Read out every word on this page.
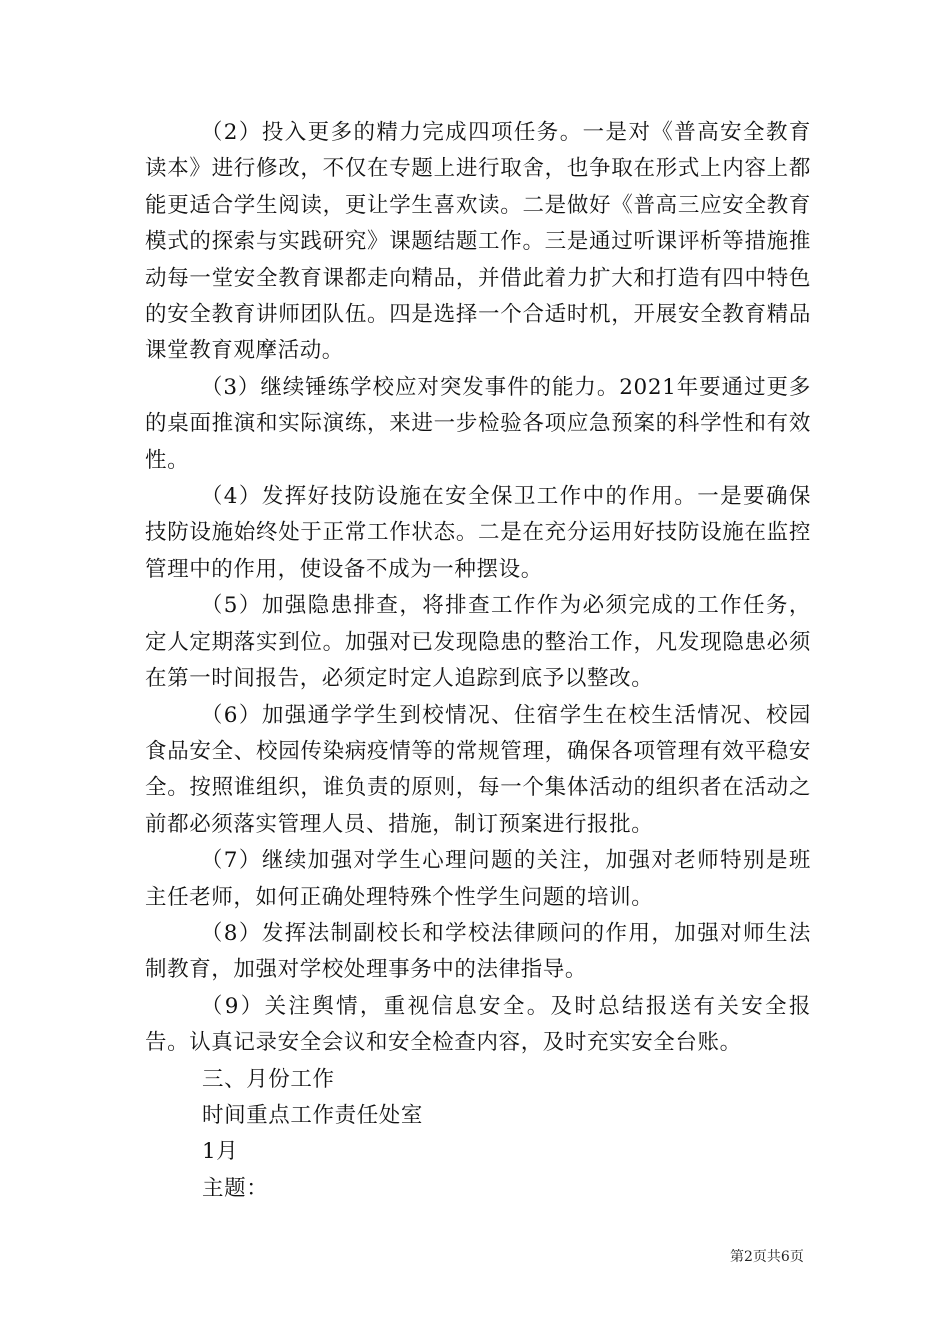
（2）投入更多的精力完成四项任务。一是对《普高安全教育读本》进行修改，不仅在专题上进行取舍，也争取在形式上内容上都能更适合学生阅读，更让学生喜欢读。二是做好《普高三应安全教育模式的探索与实践研究》课题结题工作。三是通过听课评析等措施推动每一堂安全教育课都走向精品，并借此着力扩大和打造有四中特色的安全教育讲师团队伍。四是选择一个合适时机，开展安全教育精品课堂教育观摩活动。

（3）继续锤练学校应对突发事件的能力。2021年要通过更多的桌面推演和实际演练，来进一步检验各项应急预案的科学性和有效性。

（4）发挥好技防设施在安全保卫工作中的作用。一是要确保技防设施始终处于正常工作状态。二是在充分运用好技防设施在监控管理中的作用，使设备不成为一种摆设。

（5）加强隐患排查，将排查工作作为必须完成的工作任务，定人定期落实到位。加强对已发现隐患的整治工作，凡发现隐患必须在第一时间报告，必须定时定人追踪到底予以整改。

（6）加强通学学生到校情况、住宿学生在校生活情况、校园食品安全、校园传染病疫情等的常规管理，确保各项管理有效平稳安全。按照谁组织，谁负责的原则，每一个集体活动的组织者在活动之前都必须落实管理人员、措施，制订预案进行报批。

（7）继续加强对学生心理问题的关注，加强对老师特别是班主任老师，如何正确处理特殊个性学生问题的培训。

（8）发挥法制副校长和学校法律顾问的作用，加强对师生法制教育，加强对学校处理事务中的法律指导。

（9）关注舆情，重视信息安全。及时总结报送有关安全报告。认真记录安全会议和安全检查内容，及时充实安全台账。

三、月份工作

时间重点工作责任处室

1月

主题：

第2页共6页
